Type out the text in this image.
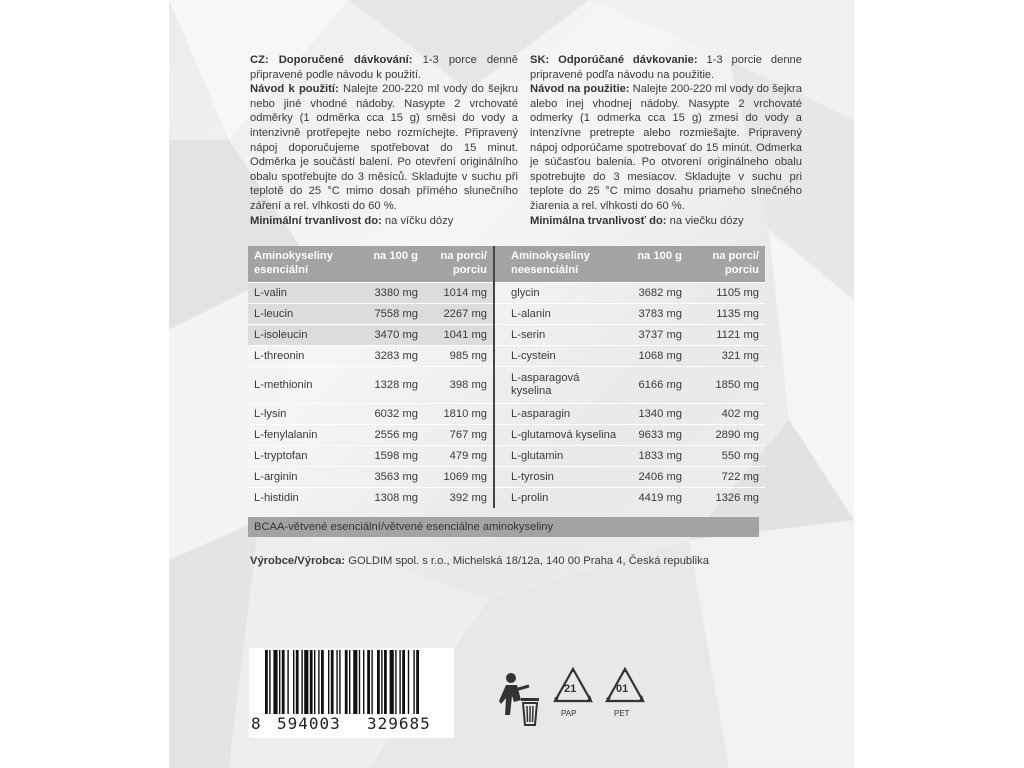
CZ: Doporučené dávkování: 1-3 porce denně připravené podle návodu k použití.
Návod k použití: Nalejte 200-220 ml vody do šejkru nebo jiné vhodné nádoby. Nasypte 2 vrchovaté odměrky (1 odměrka cca 15 g) směsi do vody a intenzivně protřepejte nebo rozmíchejte. Připravený nápoj doporučujeme spotřebovat do 15 minut. Odměrka je součástí balení. Po otevření originálního obalu spotřebujte do 3 měsíců. Skladujte v suchu při teplotě do 25 °C mimo dosah přímého slunečního záření a rel. vlhkosti do 60 %.
Minimální trvanlivost do: na víčku dózy
SK: Odporúčané dávkovanie: 1-3 porcie denne pripravené podľa návodu na použitie.
Návod na použitie: Nalejte 200-220 ml vody do šejkra alebo inej vhodnej nádoby. Nasypte 2 vrchovaté odmerky (1 odmerka cca 15 g) zmesi do vody a intenzívne pretrepte alebo rozmiešajte. Pripravený nápoj odporúčame spotrebovať do 15 minút. Odmerka je súčasťou balenia. Po otvorení originálneho obalu spotrebujte do 3 mesiacov. Skladujte v suchu pri teplote do 25 °C mimo dosahu priameho slnečného žiarenia a rel. vlhkosti do 60 %.
Minimálna trvanlivosť do: na viečku dózy
Aminokyseliny esenciální	na 100 g	na porci/ porciu	Aminokyseliny neesenciální	na 100 g	na porci/ porciu
L-valin	3380 mg	1014 mg	glycin	3682 mg	1105 mg
L-leucin	7558 mg	2267 mg	L-alanin	3783 mg	1135 mg
L-isoleucin	3470 mg	1041 mg	L-serin	3737 mg	1121 mg
L-threonin	3283 mg	985 mg	L-cystein	1068 mg	321 mg
L-methionin	1328 mg	398 mg	L-asparagová kyselina	6166 mg	1850 mg
L-lysin	6032 mg	1810 mg	L-asparagin	1340 mg	402 mg
L-fenylalanin	2556 mg	767 mg	L-glutamová kyselina	9633 mg	2890 mg
L-tryptofan	1598 mg	479 mg	L-glutamin	1833 mg	550 mg
L-arginin	3563 mg	1069 mg	L-tyrosin	2406 mg	722 mg
L-histidin	1308 mg	392 mg	L-prolin	4419 mg	1326 mg
BCAA-větvené esenciální/větvené esenciálne aminokyseliny
Výrobce/Výrobca: GOLDIM spol. s r.o., Michelská 18/12a, 140 00 Praha 4, Česká republika
8 594003 329685
21
PAP
01
PET
